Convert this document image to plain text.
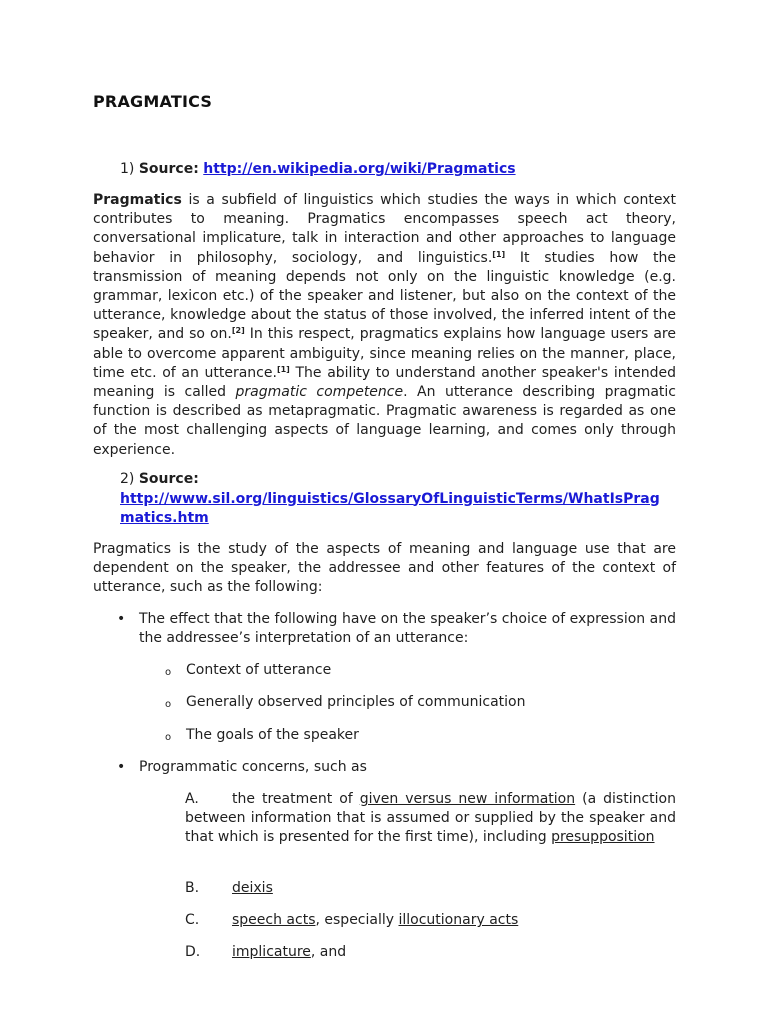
PRAGMATICS
1) Source: http://en.wikipedia.org/wiki/Pragmatics

Pragmatics is a subfield of linguistics which studies the ways in which context contributes to meaning. Pragmatics encompasses speech act theory, conversational implicature, talk in interaction and other approaches to language behavior in philosophy, sociology, and linguistics.[1] It studies how the transmission of meaning depends not only on the linguistic knowledge (e.g. grammar, lexicon etc.) of the speaker and listener, but also on the context of the utterance, knowledge about the status of those involved, the inferred intent of the speaker, and so on.[2] In this respect, pragmatics explains how language users are able to overcome apparent ambiguity, since meaning relies on the manner, place, time etc. of an utterance.[1] The ability to understand another speaker's intended meaning is called pragmatic competence. An utterance describing pragmatic function is described as metapragmatic. Pragmatic awareness is regarded as one of the most challenging aspects of language learning, and comes only through experience.

2) Source:
http://www.sil.org/linguistics/GlossaryOfLinguisticTerms/WhatIsPrag
matics.htm

Pragmatics is the study of the aspects of meaning and language use that are dependent on the speaker, the addressee and other features of the context of utterance, such as the following:

• The effect that the following have on the speaker’s choice of expression and the addressee’s interpretation of an utterance:
o Context of utterance
o Generally observed principles of communication
o The goals of the speaker
• Programmatic concerns, such as
A. the treatment of given versus new information (a distinction between information that is assumed or supplied by the speaker and that which is presented for the first time), including presupposition
B. deixis
C. speech acts, especially illocutionary acts
D. implicature, and
